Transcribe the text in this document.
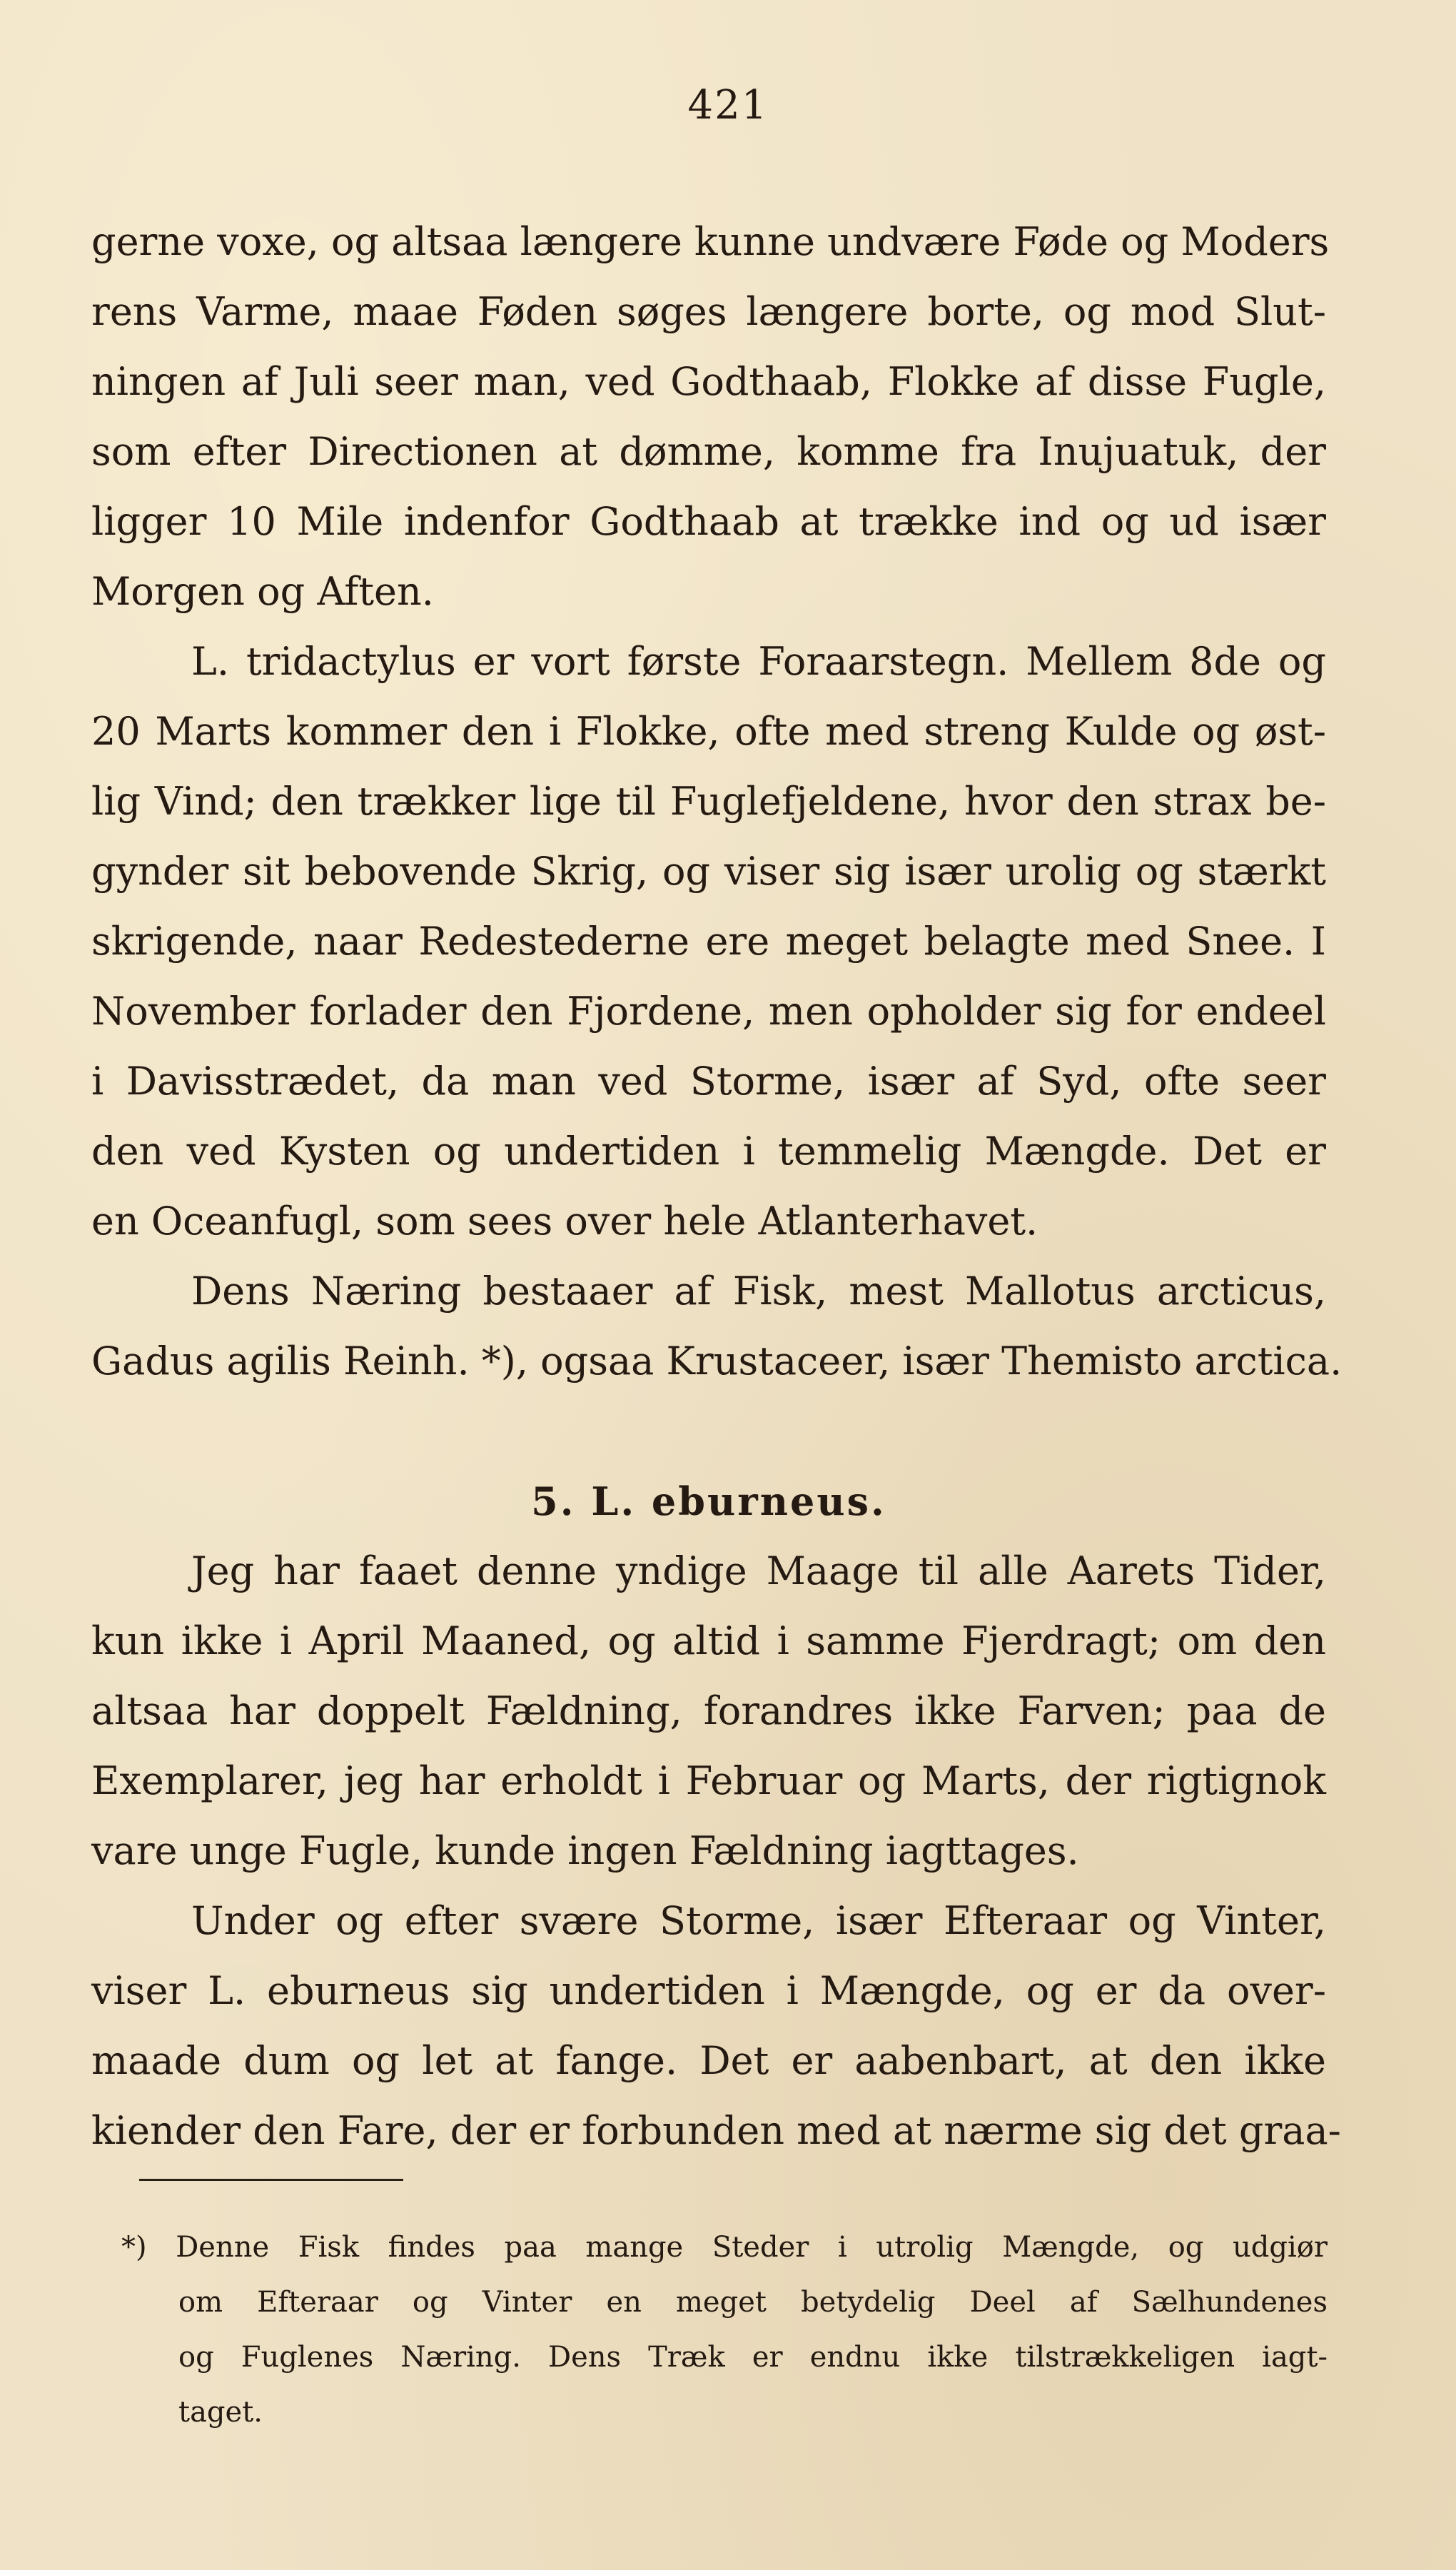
421
gerne voxe, og altsaa længere kunne undvære Føde og Moders
rens Varme, maae Føden søges længere borte, og mod Slut-
ningen af Juli seer man, ved Godthaab, Flokke af disse Fugle,
som efter Directionen at dømme, komme fra Inujuatuk, der
ligger 10 Mile indenfor Godthaab at trække ind og ud især
Morgen og Aften.
L. tridactylus er vort første Foraarstegn. Mellem 8de og
20 Marts kommer den i Flokke, ofte med streng Kulde og øst-
lig Vind; den trækker lige til Fuglefjeldene, hvor den strax be-
gynder sit bebovende Skrig, og viser sig især urolig og stærkt
skrigende, naar Redestederne ere meget belagte med Snee. I
November forlader den Fjordene, men opholder sig for endeel
i Davisstrædet, da man ved Storme, især af Syd, ofte seer
den ved Kysten og undertiden i temmelig Mængde. Det er
en Oceanfugl, som sees over hele Atlanterhavet.
Dens Næring bestaaer af Fisk, mest Mallotus arcticus,
Gadus agilis Reinh. *), ogsaa Krustaceer, især Themisto arctica.
5. L. eburneus.
Jeg har faaet denne yndige Maage til alle Aarets Tider,
kun ikke i April Maaned, og altid i samme Fjerdragt; om den
altsaa har doppelt Fældning, forandres ikke Farven; paa de
Exemplarer, jeg har erholdt i Februar og Marts, der rigtignok
vare unge Fugle, kunde ingen Fældning iagttages.
Under og efter svære Storme, især Efteraar og Vinter,
viser L. eburneus sig undertiden i Mængde, og er da over-
maade dum og let at fange. Det er aabenbart, at den ikke
kiender den Fare, der er forbunden med at nærme sig det graa-
*) Denne Fisk findes paa mange Steder i utrolig Mængde, og udgiør
om Efteraar og Vinter en meget betydelig Deel af Sælhundenes
og Fuglenes Næring. Dens Træk er endnu ikke tilstrækkeligen iagt-
taget.
